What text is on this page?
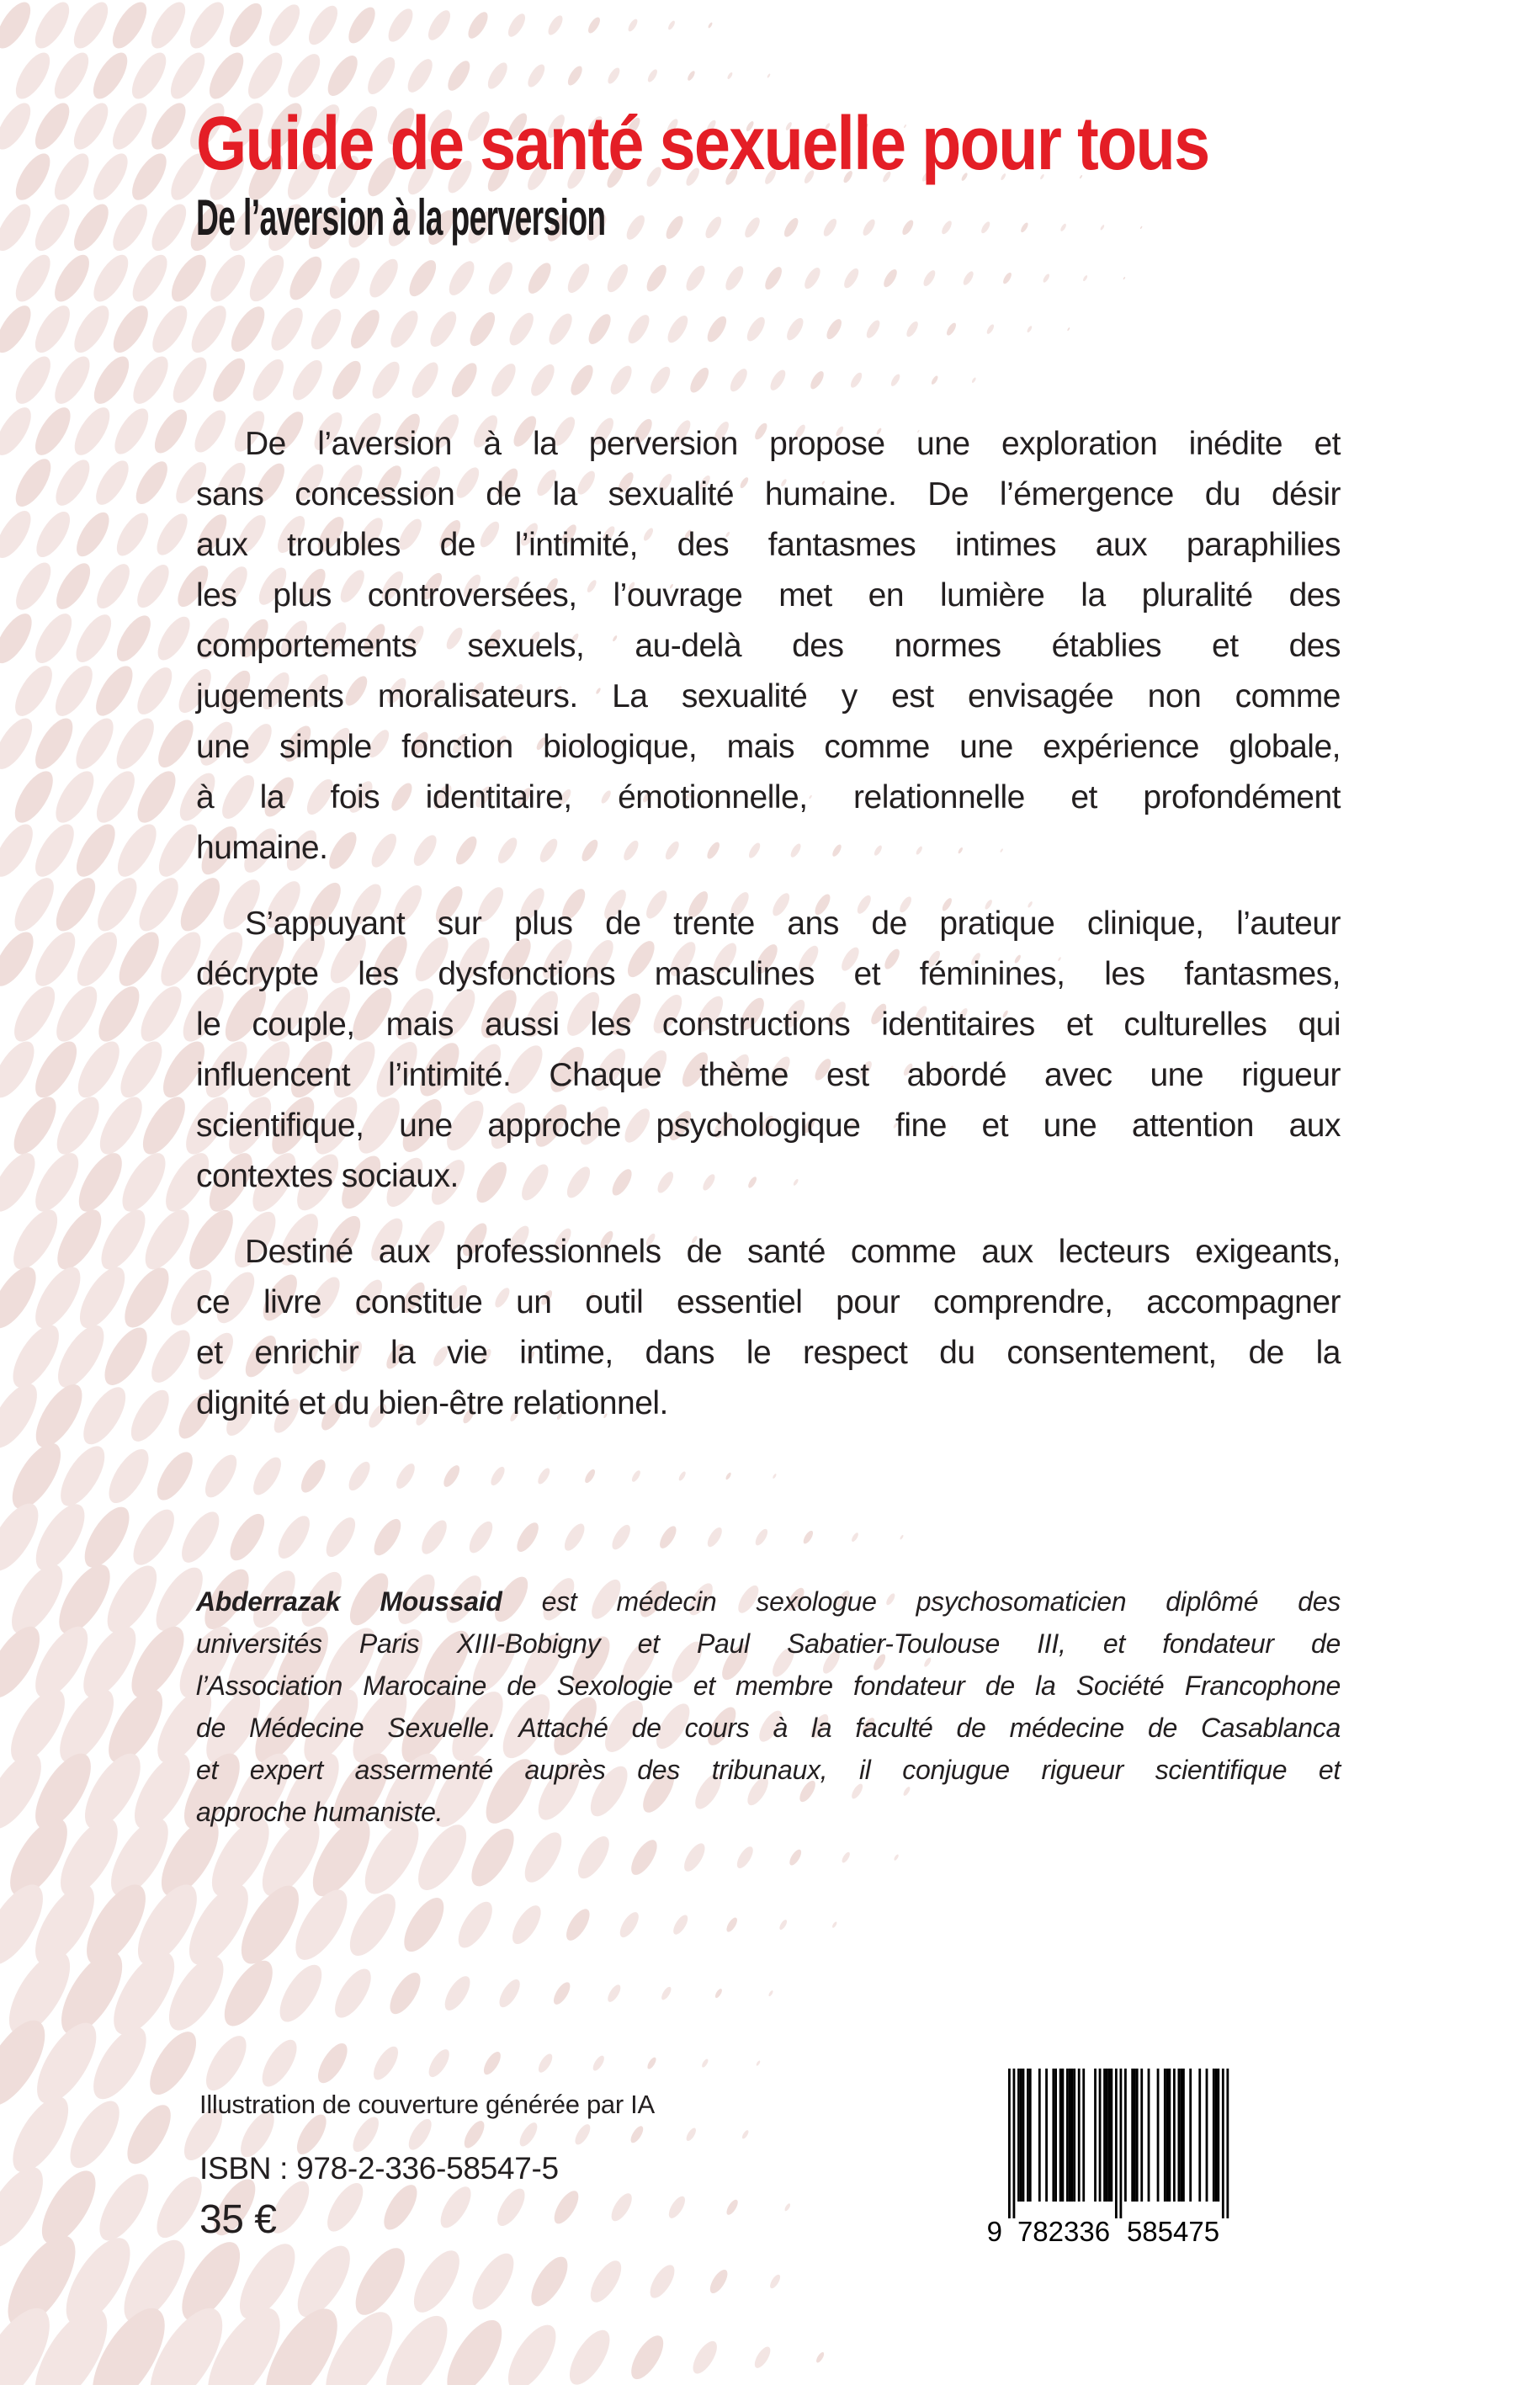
Guide de santé sexuelle pour tous
De l’aversion à la perversion
De l’aversion à la perversion propose une exploration inédite et
sans concession de la sexualité humaine. De l’émergence du désir
aux troubles de l’intimité, des fantasmes intimes aux paraphilies
les plus controversées, l’ouvrage met en lumière la pluralité des
comportements sexuels, au-delà des normes établies et des
jugements moralisateurs. La sexualité y est envisagée non comme
une simple fonction biologique, mais comme une expérience globale,
à la fois identitaire, émotionnelle, relationnelle et profondément
humaine.
S’appuyant sur plus de trente ans de pratique clinique, l’auteur
décrypte les dysfonctions masculines et féminines, les fantasmes,
le couple, mais aussi les constructions identitaires et culturelles qui
influencent l’intimité. Chaque thème est abordé avec une rigueur
scientifique, une approche psychologique fine et une attention aux
contextes sociaux.
Destiné aux professionnels de santé comme aux lecteurs exigeants,
ce livre constitue un outil essentiel pour comprendre, accompagner
et enrichir la vie intime, dans le respect du consentement, de la
dignité et du bien-être relationnel.
Abderrazak Moussaid est médecin sexologue psychosomaticien diplômé des
universités Paris XIII-Bobigny et Paul Sabatier-Toulouse III, et fondateur de
l’Association Marocaine de Sexologie et membre fondateur de la Société Francophone
de Médecine Sexuelle. Attaché de cours à la faculté de médecine de Casablanca
et expert assermenté auprès des tribunaux, il conjugue rigueur scientifique et
approche humaniste.
Illustration de couverture générée par IA
ISBN : 978-2-336-58547-5
35 €	9 782336 585475
